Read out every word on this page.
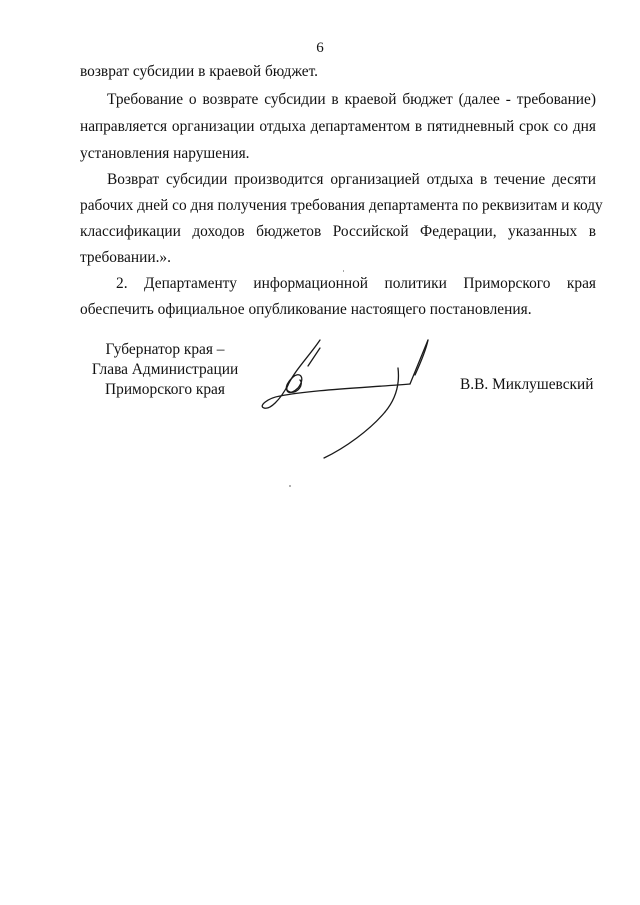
6
возврат субсидии в краевой бюджет.
Требование о возврате субсидии в краевой бюджет (далее - требование)
направляется организации отдыха департаментом в пятидневный срок со дня
установления нарушения.
Возврат субсидии производится организацией отдыха в течение десяти
рабочих дней со дня получения требования департамента по реквизитам и коду
классификации доходов бюджетов Российской Федерации, указанных в
требовании.».
2. Департаменту информационной политики Приморского края
обеспечить официальное опубликование настоящего постановления.
Губернатор края –
Глава Администрации
Приморского края	В.В. Миклушевский
